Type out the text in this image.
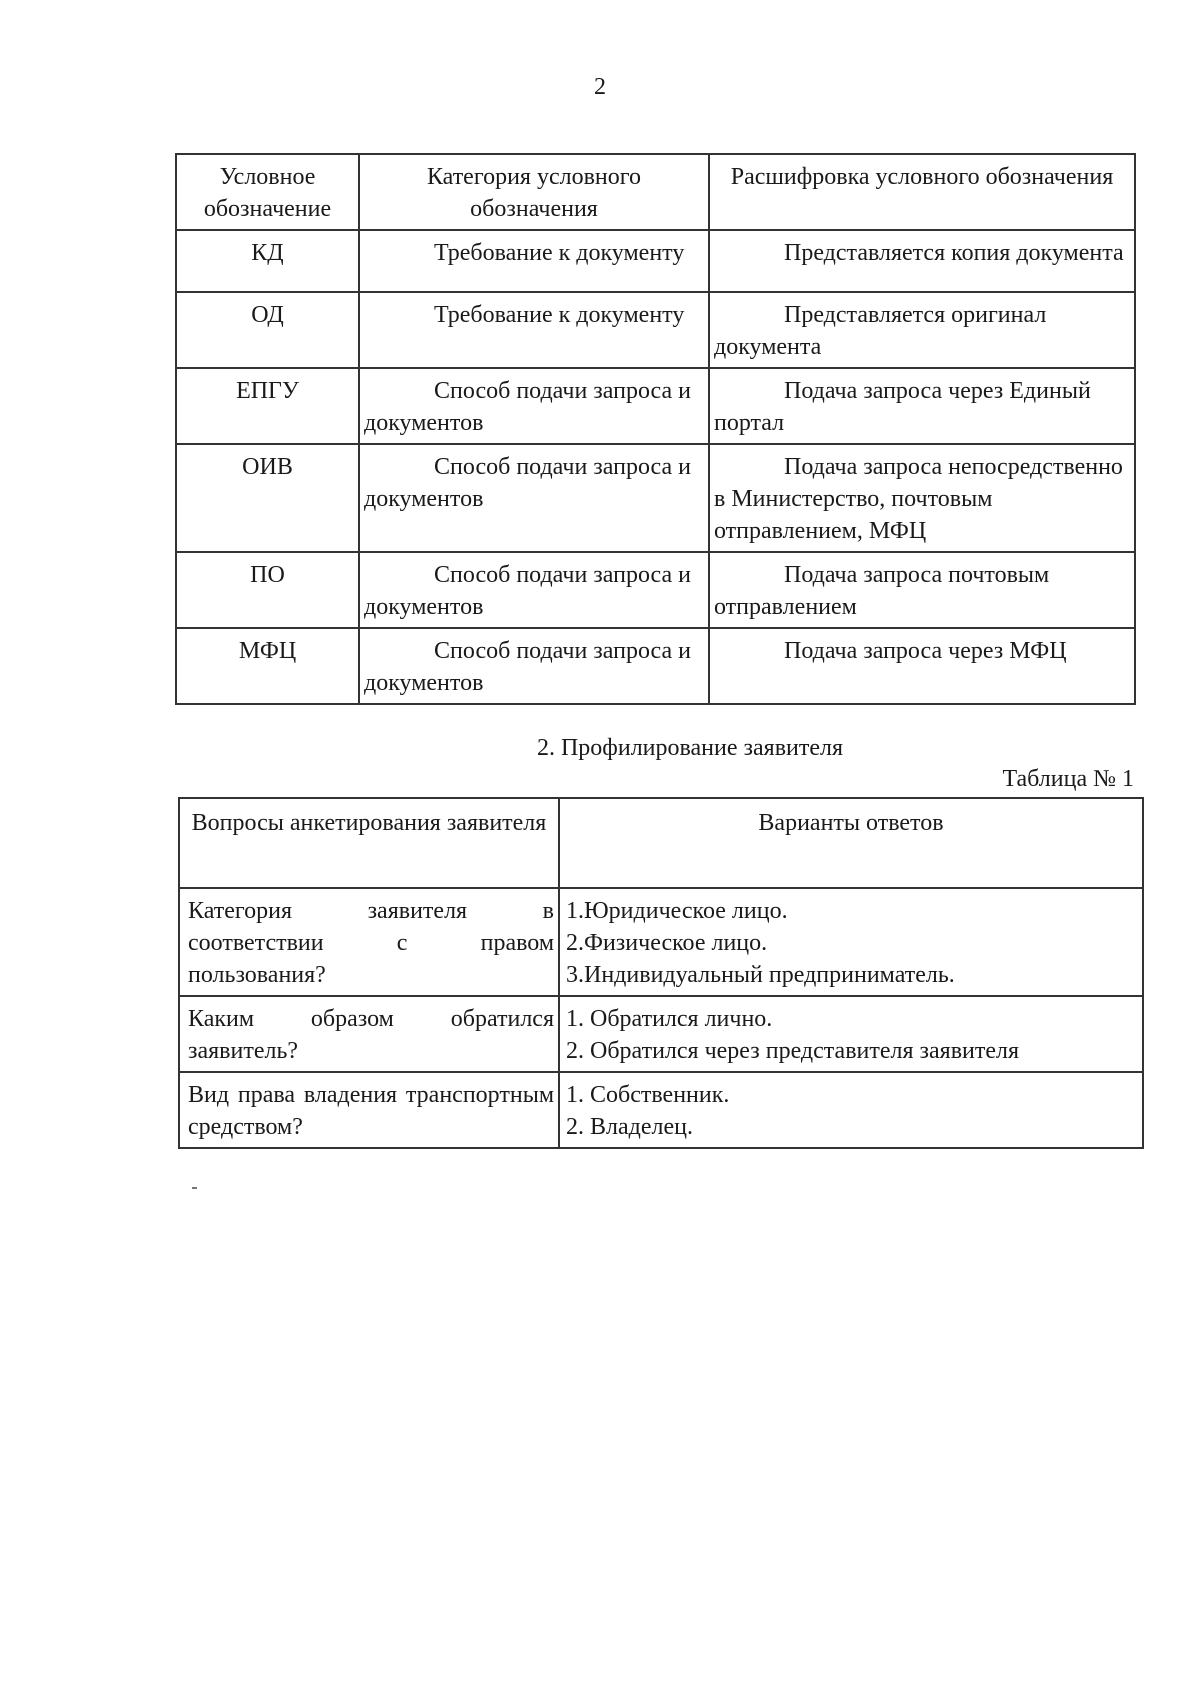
2
Условное обозначение	Категория условного обозначения	Расшифровка условного обозначения
КД	Требование к документу	Представляется копия документа

ОД	Требование к документу	Представляется оригинал документа

ЕПГУ	Способ подачи запроса и документов	Подача запроса через Единый портал

ОИВ	Способ подачи запроса и документов	Подача запроса непосредственно в Министерство, почтовым отправлением, МФЦ

ПО	Способ подачи запроса и документов	Подача запроса почтовым отправлением

МФЦ	Способ подачи запроса и документов	Подача запроса через МФЦ
2. Профилирование заявителя
Таблица № 1
Вопросы анкетирования заявителя	Варианты ответов
Категория заявителя в соответствии с правом пользования?	1.Юридическое лицо.
2.Физическое лицо.
3.Индивидуальный предприниматель.

Каким образом обратился заявитель?	1. Обратился лично.
2. Обратился через представителя заявителя

Вид права владения транспортным средством?	1. Собственник.
2. Владелец.
